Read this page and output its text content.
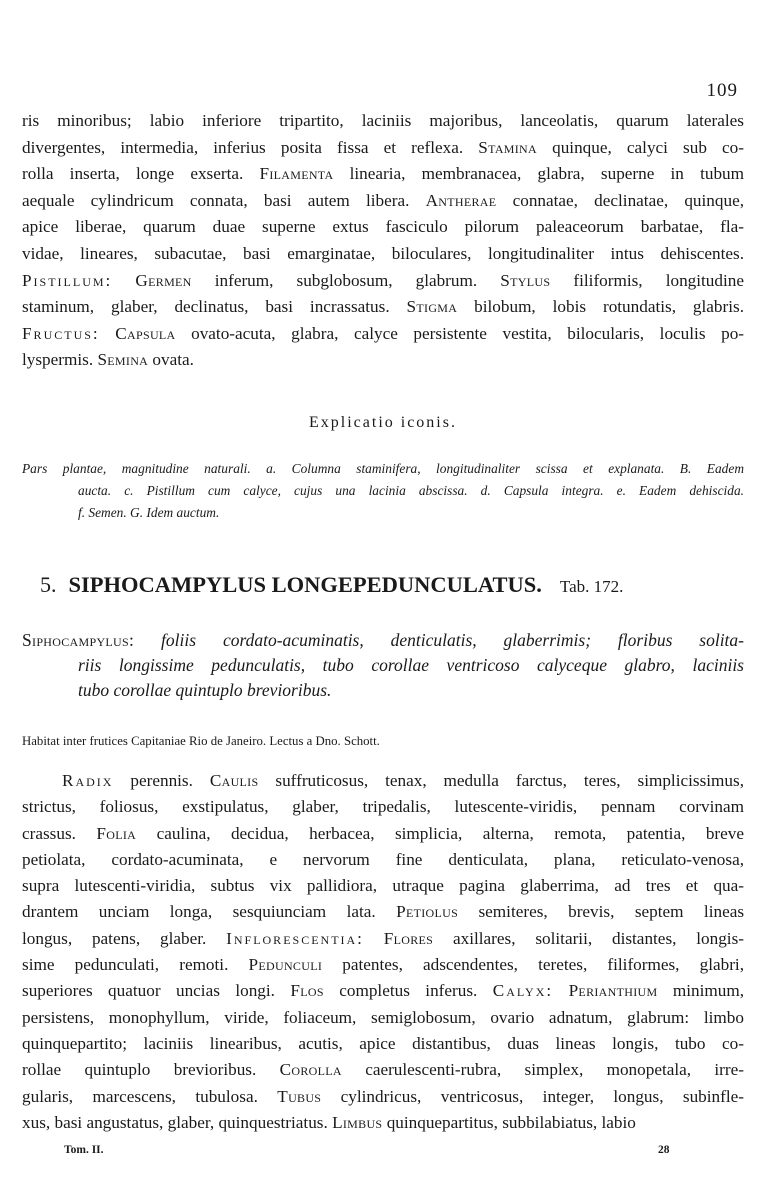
109
ris minoribus; labio inferiore tripartito, laciniis majoribus, lanceolatis, quarum laterales
divergentes, intermedia, inferius posita fissa et reflexa. Stamina quinque, calyci sub co-
rolla inserta, longe exserta. Filamenta linearia, membranacea, glabra, superne in tubum
aequale cylindricum connata, basi autem libera. Antherae connatae, declinatae, quinque,
apice liberae, quarum duae superne extus fasciculo pilorum paleaceorum barbatae, fla-
vidae, lineares, subacutae, basi emarginatae, biloculares, longitudinaliter intus dehiscentes.
Pistillum: Germen inferum, subglobosum, glabrum. Stylus filiformis, longitudine
staminum, glaber, declinatus, basi incrassatus. Stigma bilobum, lobis rotundatis, glabris.
Fructus: Capsula ovato-acuta, glabra, calyce persistente vestita, bilocularis, loculis po-
lyspermis. Semina ovata.
Explicatio iconis.
Pars plantae, magnitudine naturali. a. Columna staminifera, longitudinaliter scissa et explanata. B. Eadem
aucta. c. Pistillum cum calyce, cujus una lacinia abscissa. d. Capsula integra. e. Eadem dehiscida.
f. Semen. G. Idem auctum.
5. SIPHOCAMPYLUS LONGEPEDUNCULATUS. Tab. 172.
Siphocampylus: foliis cordato-acuminatis, denticulatis, glaberrimis; floribus solita-
riis longissime pedunculatis, tubo corollae ventricoso calyceque glabro, laciniis
tubo corollae quintuplo brevioribus.
Habitat inter frutices Capitaniae Rio de Janeiro. Lectus a Dno. Schott.
Radix perennis. Caulis suffruticosus, tenax, medulla farctus, teres, simplicissimus,
strictus, foliosus, exstipulatus, glaber, tripedalis, lutescente-viridis, pennam corvinam
crassus. Folia caulina, decidua, herbacea, simplicia, alterna, remota, patentia, breve
petiolata, cordato-acuminata, e nervorum fine denticulata, plana, reticulato-venosa,
supra lutescenti-viridia, subtus vix pallidiora, utraque pagina glaberrima, ad tres et qua-
drantem unciam longa, sesquiunciam lata. Petiolus semiteres, brevis, septem lineas
longus, patens, glaber. Inflorescentia: Flores axillares, solitarii, distantes, longis-
sime pedunculati, remoti. Pedunculi patentes, adscendentes, teretes, filiformes, glabri,
superiores quatuor uncias longi. Flos completus inferus. Calyx: Perianthium minimum,
persistens, monophyllum, viride, foliaceum, semiglobosum, ovario adnatum, glabrum: limbo
quinquepartito; laciniis linearibus, acutis, apice distantibus, duas lineas longis, tubo co-
rollae quintuplo brevioribus. Corolla caerulescenti-rubra, simplex, monopetala, irre-
gularis, marcescens, tubulosa. Tubus cylindricus, ventricosus, integer, longus, subinfle-
xus, basi angustatus, glaber, quinquestriatus. Limbus quinquepartitus, subbilabiatus, labio
Tom. II.	28
